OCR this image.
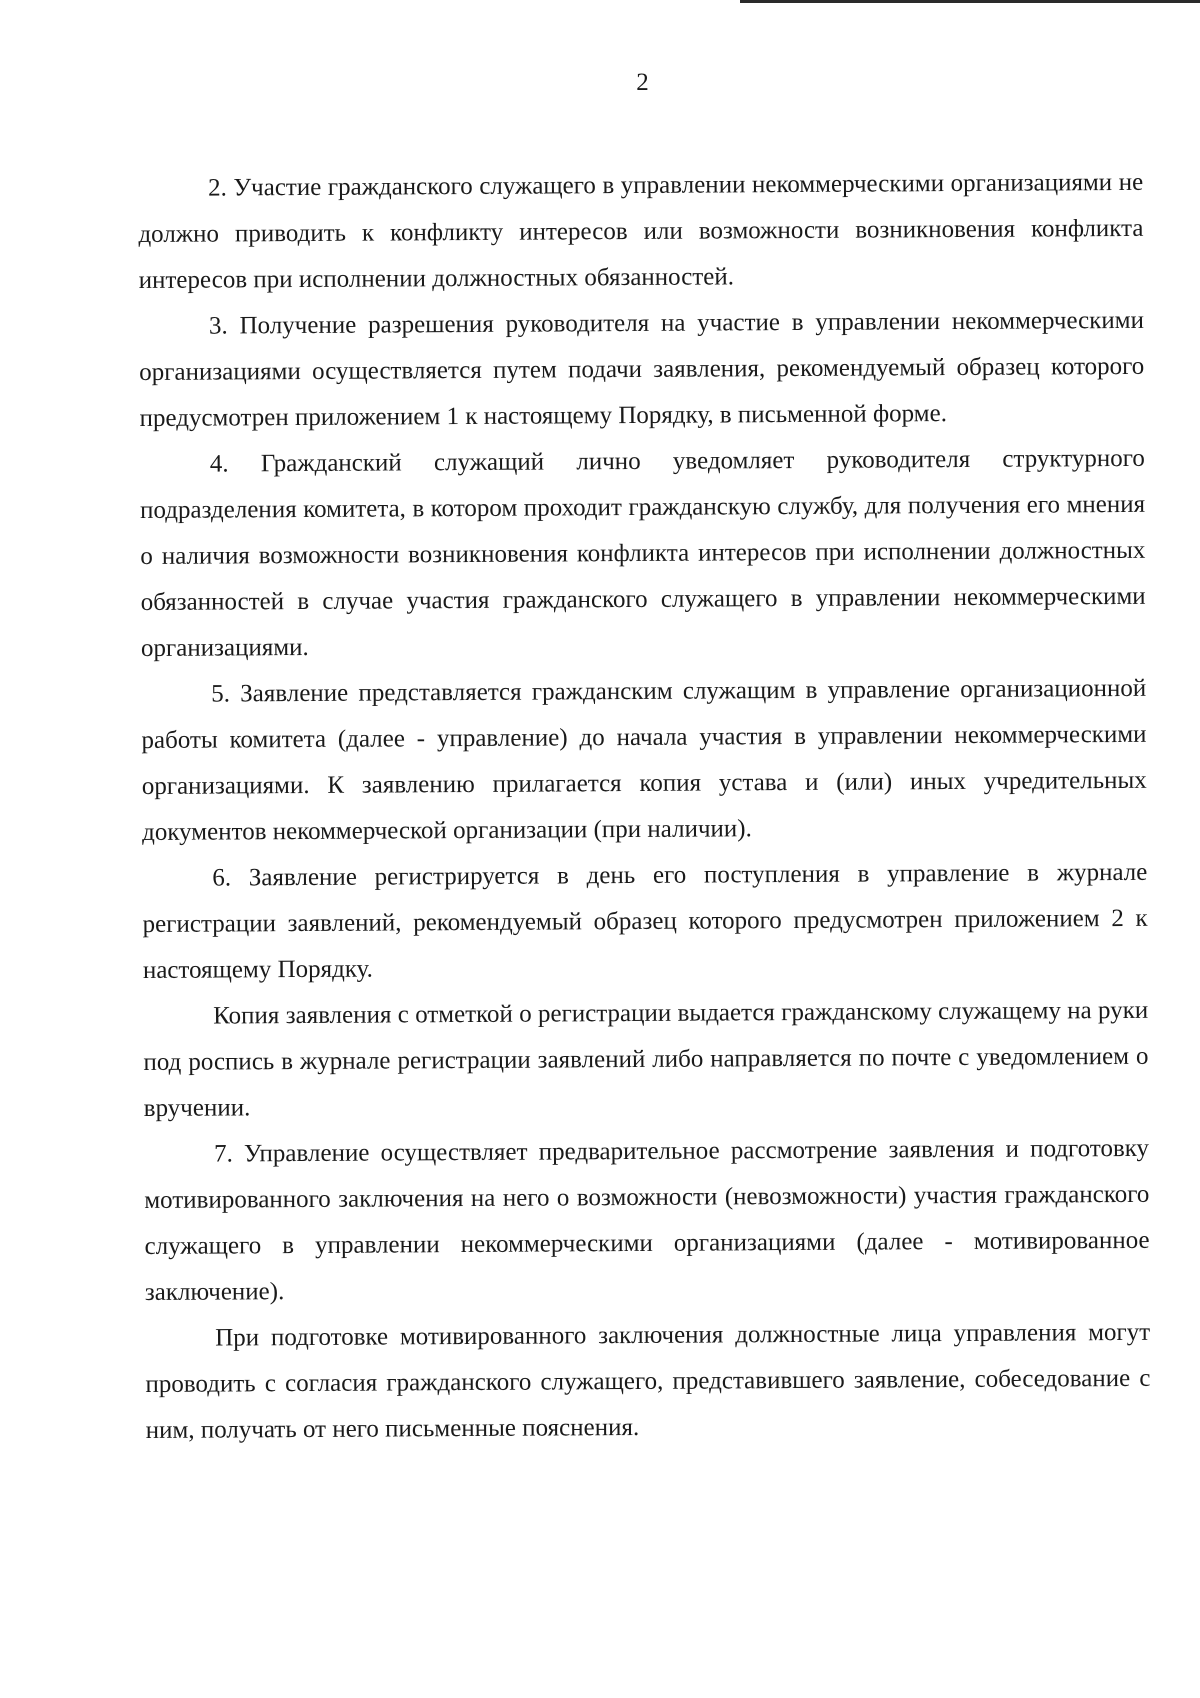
2

2. Участие гражданского служащего в управлении некоммерческими организациями не должно приводить к конфликту интересов или возможности возникновения конфликта интересов при исполнении должностных обязанностей.

3. Получение разрешения руководителя на участие в управлении некоммерческими организациями осуществляется путем подачи заявления, рекомендуемый образец которого предусмотрен приложением 1 к настоящему Порядку, в письменной форме.

4. Гражданский служащий лично уведомляет руководителя структурного подразделения комитета, в котором проходит гражданскую службу, для получения его мнения о наличия возможности возникновения конфликта интересов при исполнении должностных обязанностей в случае участия гражданского служащего в управлении некоммерческими организациями.

5. Заявление представляется гражданским служащим в управление организационной работы комитета (далее - управление) до начала участия в управлении некоммерческими организациями. К заявлению прилагается копия устава и (или) иных учредительных документов некоммерческой организации (при наличии).

6. Заявление регистрируется в день его поступления в управление в журнале регистрации заявлений, рекомендуемый образец которого предусмотрен приложением 2 к настоящему Порядку.

Копия заявления с отметкой о регистрации выдается гражданскому служащему на руки под роспись в журнале регистрации заявлений либо направляется по почте с уведомлением о вручении.

7. Управление осуществляет предварительное рассмотрение заявления и подготовку мотивированного заключения на него о возможности (невозможности) участия гражданского служащего в управлении некоммерческими организациями (далее - мотивированное заключение).

При подготовке мотивированного заключения должностные лица управления могут проводить с согласия гражданского служащего, представившего заявление, собеседование с ним, получать от него письменные пояснения.
